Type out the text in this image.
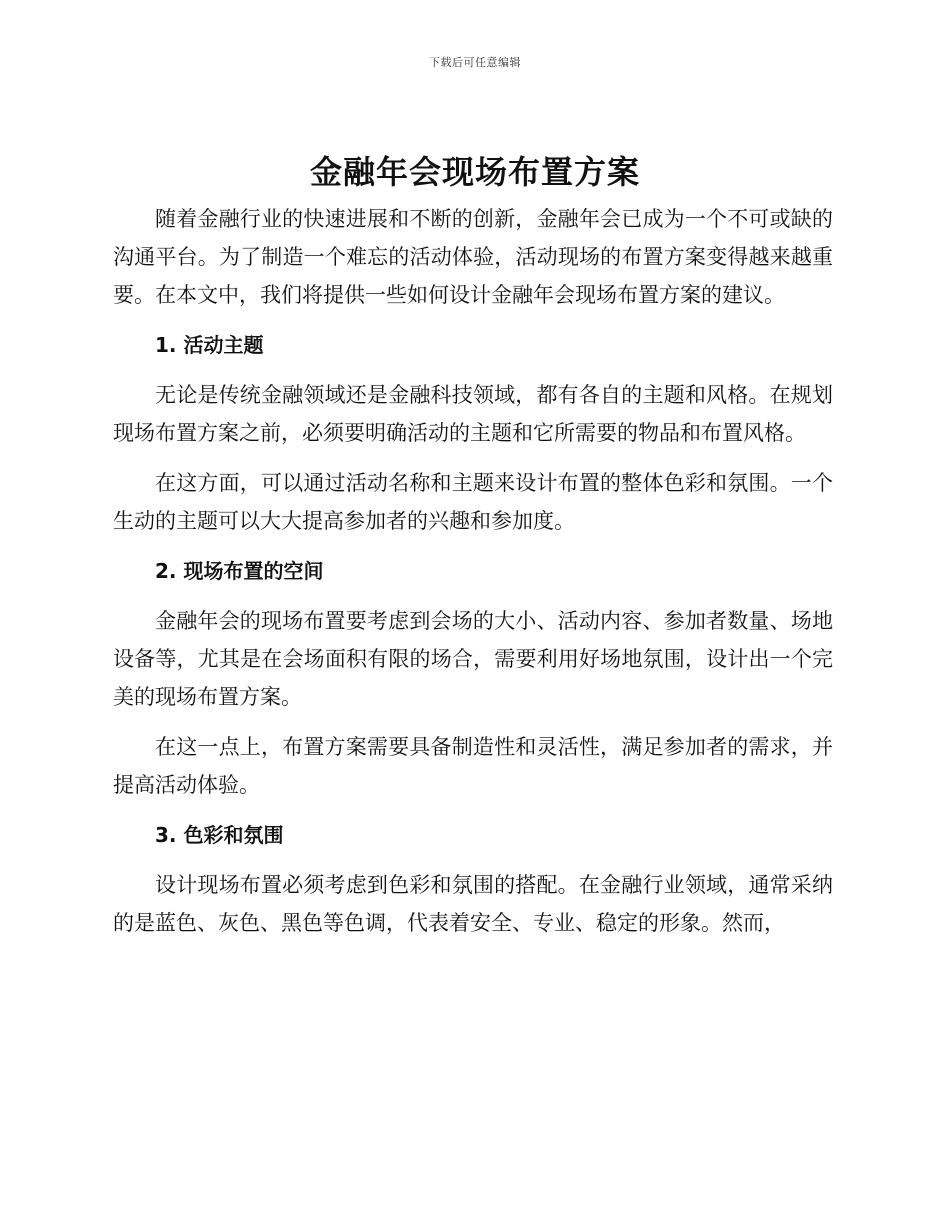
下载后可任意编辑
金融年会现场布置方案

随着金融行业的快速进展和不断的创新，金融年会已成为一个不可或缺的沟通平台。为了制造一个难忘的活动体验，活动现场的布置方案变得越来越重要。在本文中，我们将提供一些如何设计金融年会现场布置方案的建议。

1. 活动主题

无论是传统金融领域还是金融科技领域，都有各自的主题和风格。在规划现场布置方案之前，必须要明确活动的主题和它所需要的物品和布置风格。

在这方面，可以通过活动名称和主题来设计布置的整体色彩和氛围。一个生动的主题可以大大提高参加者的兴趣和参加度。

2. 现场布置的空间

金融年会的现场布置要考虑到会场的大小、活动内容、参加者数量、场地设备等，尤其是在会场面积有限的场合，需要利用好场地氛围，设计出一个完美的现场布置方案。

在这一点上，布置方案需要具备制造性和灵活性，满足参加者的需求，并提高活动体验。

3. 色彩和氛围

设计现场布置必须考虑到色彩和氛围的搭配。在金融行业领域，通常采纳的是蓝色、灰色、黑色等色调，代表着安全、专业、稳定的形象。然而，
